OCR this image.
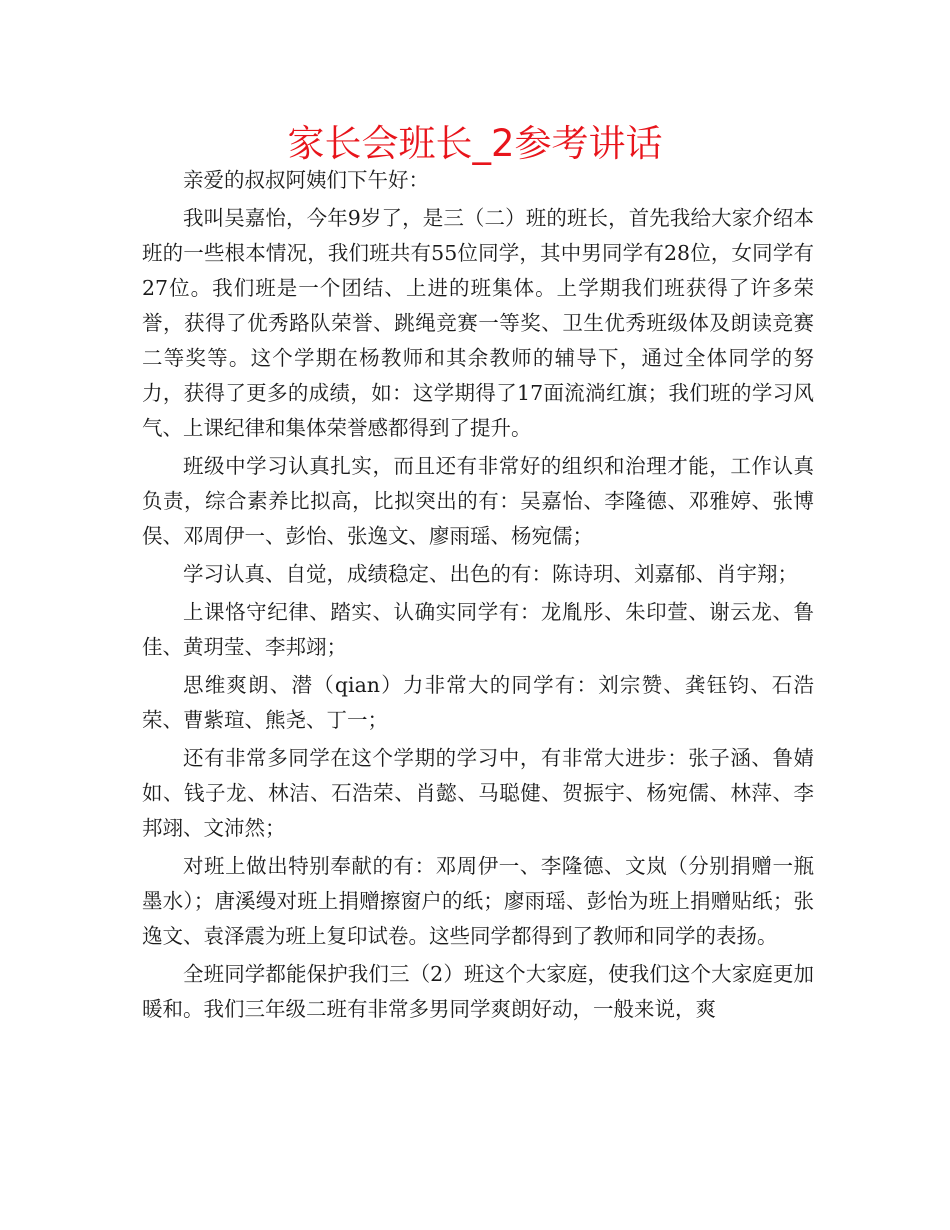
家长会班长_2参考讲话

亲爱的叔叔阿姨们下午好：

我叫吴嘉怡，今年9岁了，是三（二）班的班长，首先我给大家介绍本班的一些根本情况，我们班共有55位同学，其中男同学有28位，女同学有27位。我们班是一个团结、上进的班集体。上学期我们班获得了许多荣誉，获得了优秀路队荣誉、跳绳竞赛一等奖、卫生优秀班级体及朗读竞赛二等奖等。这个学期在杨教师和其余教师的辅导下，通过全体同学的努力，获得了更多的成绩，如：这学期得了17面流淌红旗；我们班的学习风气、上课纪律和集体荣誉感都得到了提升。

班级中学习认真扎实，而且还有非常好的组织和治理才能，工作认真负责，综合素养比拟高，比拟突出的有：吴嘉怡、李隆德、邓雅婷、张博俣、邓周伊一、彭怡、张逸文、廖雨瑶、杨宛儒；

学习认真、自觉，成绩稳定、出色的有：陈诗玥、刘嘉郁、肖宇翔；

上课恪守纪律、踏实、认确实同学有：龙胤彤、朱印萱、谢云龙、鲁佳、黄玥莹、李邦翊；

思维爽朗、潜（qian）力非常大的同学有：刘宗赞、龚钰钧、石浩荣、曹紫瑄、熊尧、丁一；

还有非常多同学在这个学期的学习中，有非常大进步：张子涵、鲁婧如、钱子龙、林洁、石浩荣、肖懿、马聪健、贺振宇、杨宛儒、林萍、李邦翊、文沛然；

对班上做出特别奉献的有：邓周伊一、李隆德、文岚（分别捐赠一瓶墨水）；唐溪缦对班上捐赠擦窗户的纸；廖雨瑶、彭怡为班上捐赠贴纸；张逸文、袁泽震为班上复印试卷。这些同学都得到了教师和同学的表扬。

全班同学都能保护我们三（2）班这个大家庭，使我们这个大家庭更加暖和。我们三年级二班有非常多男同学爽朗好动，一般来说，爽
